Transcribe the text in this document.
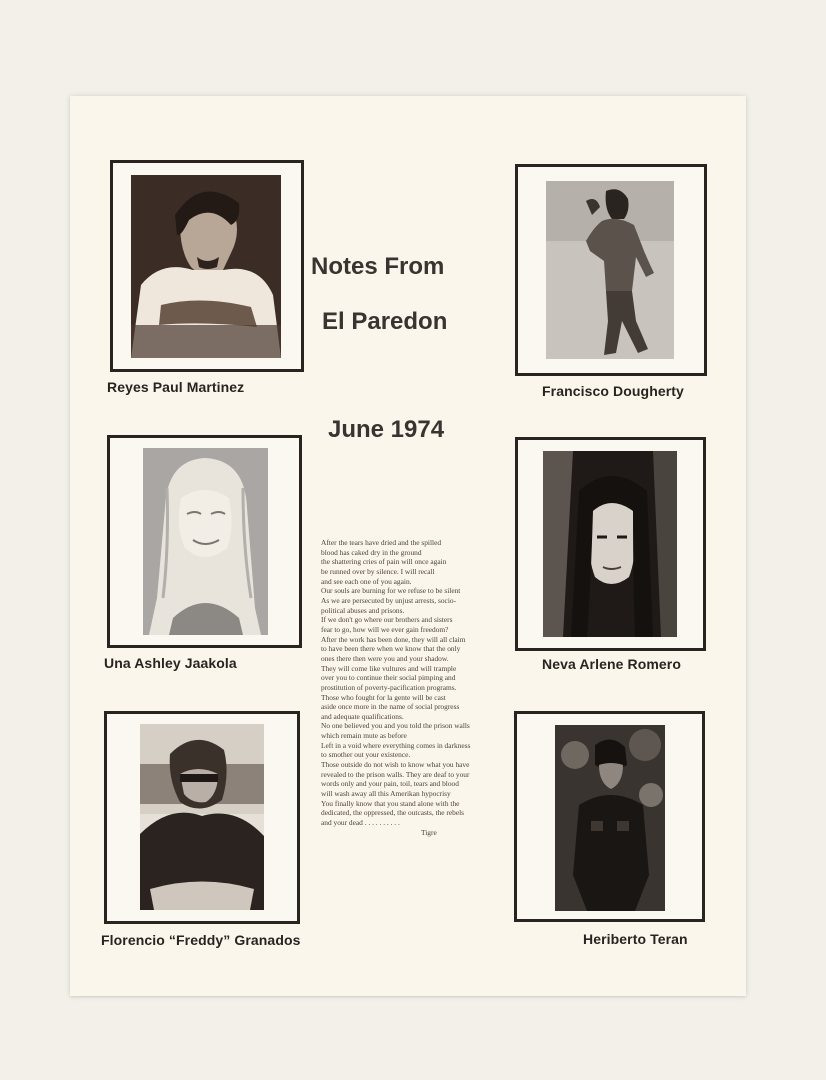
Notes From
El Paredon
June 1974
Reyes Paul Martinez	Francisco Dougherty
Una Ashley Jaakola	Neva Arlene Romero
Florencio “Freddy” Granados	Heriberto Teran
After the tears have dried and the spilled
blood has caked dry in the ground
the shattering cries of pain will once again
be runned over by silence. I will recall
and see each one of you again.
Our souls are burning for we refuse to be silent
As we are persecuted by unjust arrests, socio-
political abuses and prisons.
If we don't go where our brothers and sisters
fear to go, how will we ever gain freedom?
After the work has been done, they will all claim
to have been there when we know that the only
ones there then were you and your shadow.
They will come like vultures and will trample
over you to continue their social pimping and
prostitution of poverty-pacification programs.
Those who fought for la gente will be cast
aside once more in the name of social progress
and adequate qualifications.
No one believed you and you told the prison walls
which remain mute as before
Left in a void where everything comes in darkness
to smother out your existence.
Those outside do not wish to know what you have
revealed to the prison walls. They are deaf to your
words only and your pain, toil, tears and blood
will wash away all this Amerikan hypocrisy
You finally know that you stand alone with the
dedicated, the oppressed, the outcasts, the rebels
and your dead . . . . . . . . . .
Tigre
